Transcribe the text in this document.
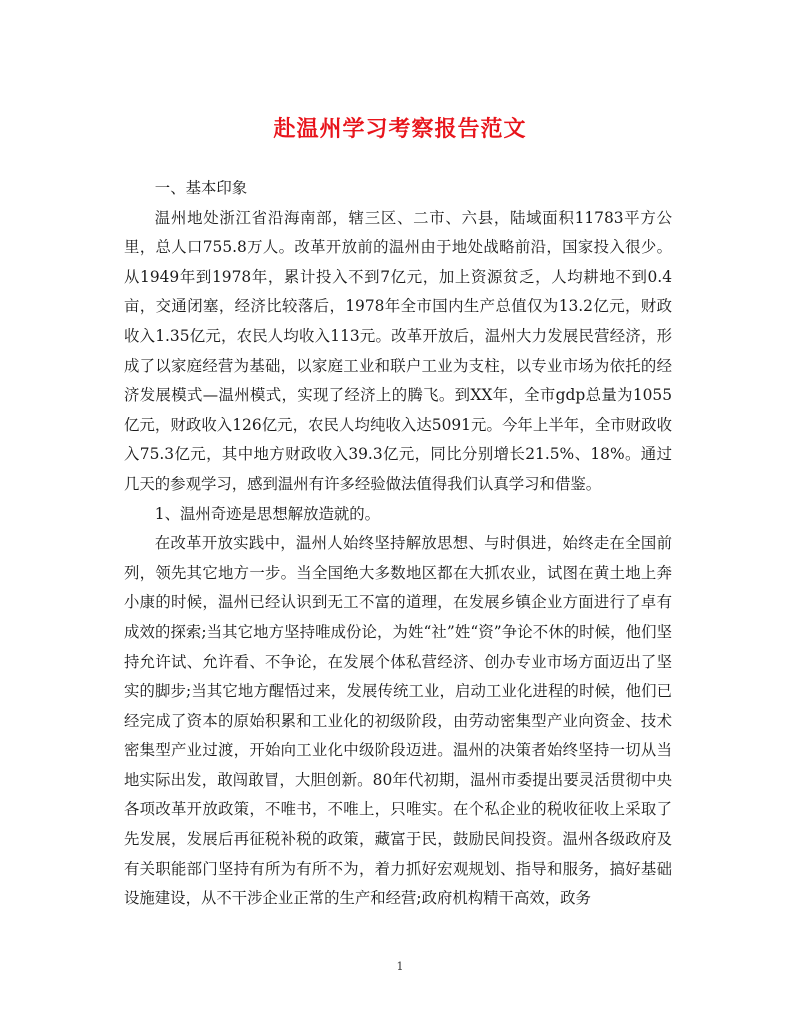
赴温州学习考察报告范文

一、基本印象

温州地处浙江省沿海南部，辖三区、二市、六县，陆域面积11783平方公里，总人口755.8万人。改革开放前的温州由于地处战略前沿，国家投入很少。从1949年到1978年，累计投入不到7亿元，加上资源贫乏，人均耕地不到0.4亩，交通闭塞，经济比较落后，1978年全市国内生产总值仅为13.2亿元，财政收入1.35亿元，农民人均收入113元。改革开放后，温州大力发展民营经济，形成了以家庭经营为基础，以家庭工业和联户工业为支柱，以专业市场为依托的经济发展模式—温州模式，实现了经济上的腾飞。到XX年，全市gdp总量为1055亿元，财政收入126亿元，农民人均纯收入达5091元。今年上半年，全市财政收入75.3亿元，其中地方财政收入39.3亿元，同比分别增长21.5%、18%。通过几天的参观学习，感到温州有许多经验做法值得我们认真学习和借鉴。

1、温州奇迹是思想解放造就的。

在改革开放实践中，温州人始终坚持解放思想、与时俱进，始终走在全国前列，领先其它地方一步。当全国绝大多数地区都在大抓农业，试图在黄土地上奔小康的时候，温州已经认识到无工不富的道理，在发展乡镇企业方面进行了卓有成效的探索;当其它地方坚持唯成份论，为姓“社”姓“资”争论不休的时候，他们坚持允许试、允许看、不争论，在发展个体私营经济、创办专业市场方面迈出了坚实的脚步;当其它地方醒悟过来，发展传统工业，启动工业化进程的时候，他们已经完成了资本的原始积累和工业化的初级阶段，由劳动密集型产业向资金、技术密集型产业过渡，开始向工业化中级阶段迈进。温州的决策者始终坚持一切从当地实际出发，敢闯敢冒，大胆创新。80年代初期，温州市委提出要灵活贯彻中央各项改革开放政策，不唯书，不唯上，只唯实。在个私企业的税收征收上采取了先发展，发展后再征税补税的政策，藏富于民，鼓励民间投资。温州各级政府及有关职能部门坚持有所为有所不为，着力抓好宏观规划、指导和服务，搞好基础设施建设，从不干涉企业正常的生产和经营;政府机构精干高效，政务

1
